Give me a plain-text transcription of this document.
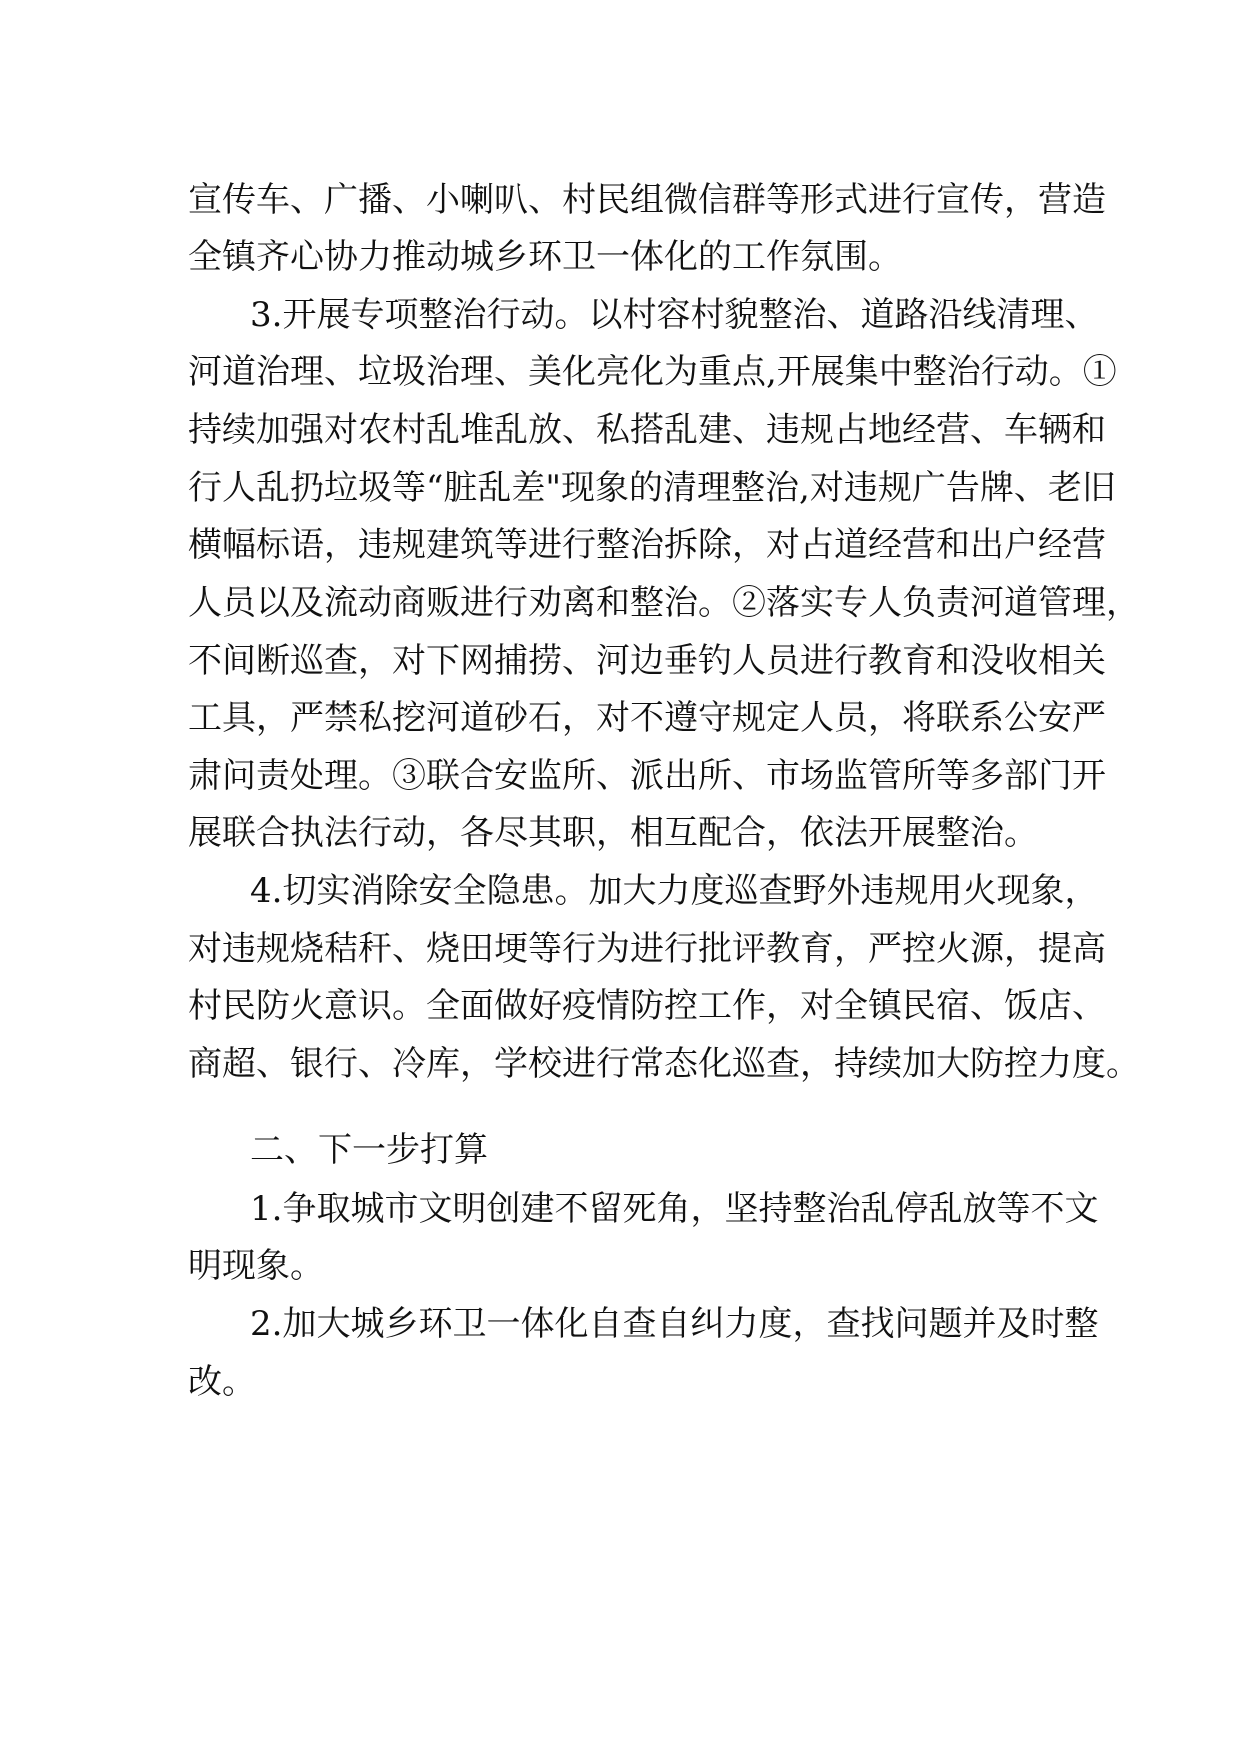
宣传车、广播、小喇叭、村民组微信群等形式进行宣传，营造

全镇齐心协力推动城乡环卫一体化的工作氛围。

3.开展专项整治行动。以村容村貌整治、道路沿线清理、

河道治理、垃圾治理、美化亮化为重点,开展集中整治行动。①

持续加强对农村乱堆乱放、私搭乱建、违规占地经营、车辆和

行人乱扔垃圾等“脏乱差"现象的清理整治,对违规广告牌、老旧

横幅标语，违规建筑等进行整治拆除，对占道经营和出户经营

人员以及流动商贩进行劝离和整治。②落实专人负责河道管理，

不间断巡查，对下网捕捞、河边垂钓人员进行教育和没收相关

工具，严禁私挖河道砂石，对不遵守规定人员，将联系公安严

肃问责处理。③联合安监所、派出所、市场监管所等多部门开

展联合执法行动，各尽其职，相互配合，依法开展整治。

4.切实消除安全隐患。加大力度巡查野外违规用火现象，

对违规烧秸秆、烧田埂等行为进行批评教育，严控火源，提高

村民防火意识。全面做好疫情防控工作，对全镇民宿、饭店、

商超、银行、冷库，学校进行常态化巡查，持续加大防控力度。

二、下一步打算

1.争取城市文明创建不留死角，坚持整治乱停乱放等不文

明现象。

2.加大城乡环卫一体化自查自纠力度，查找问题并及时整

改。
